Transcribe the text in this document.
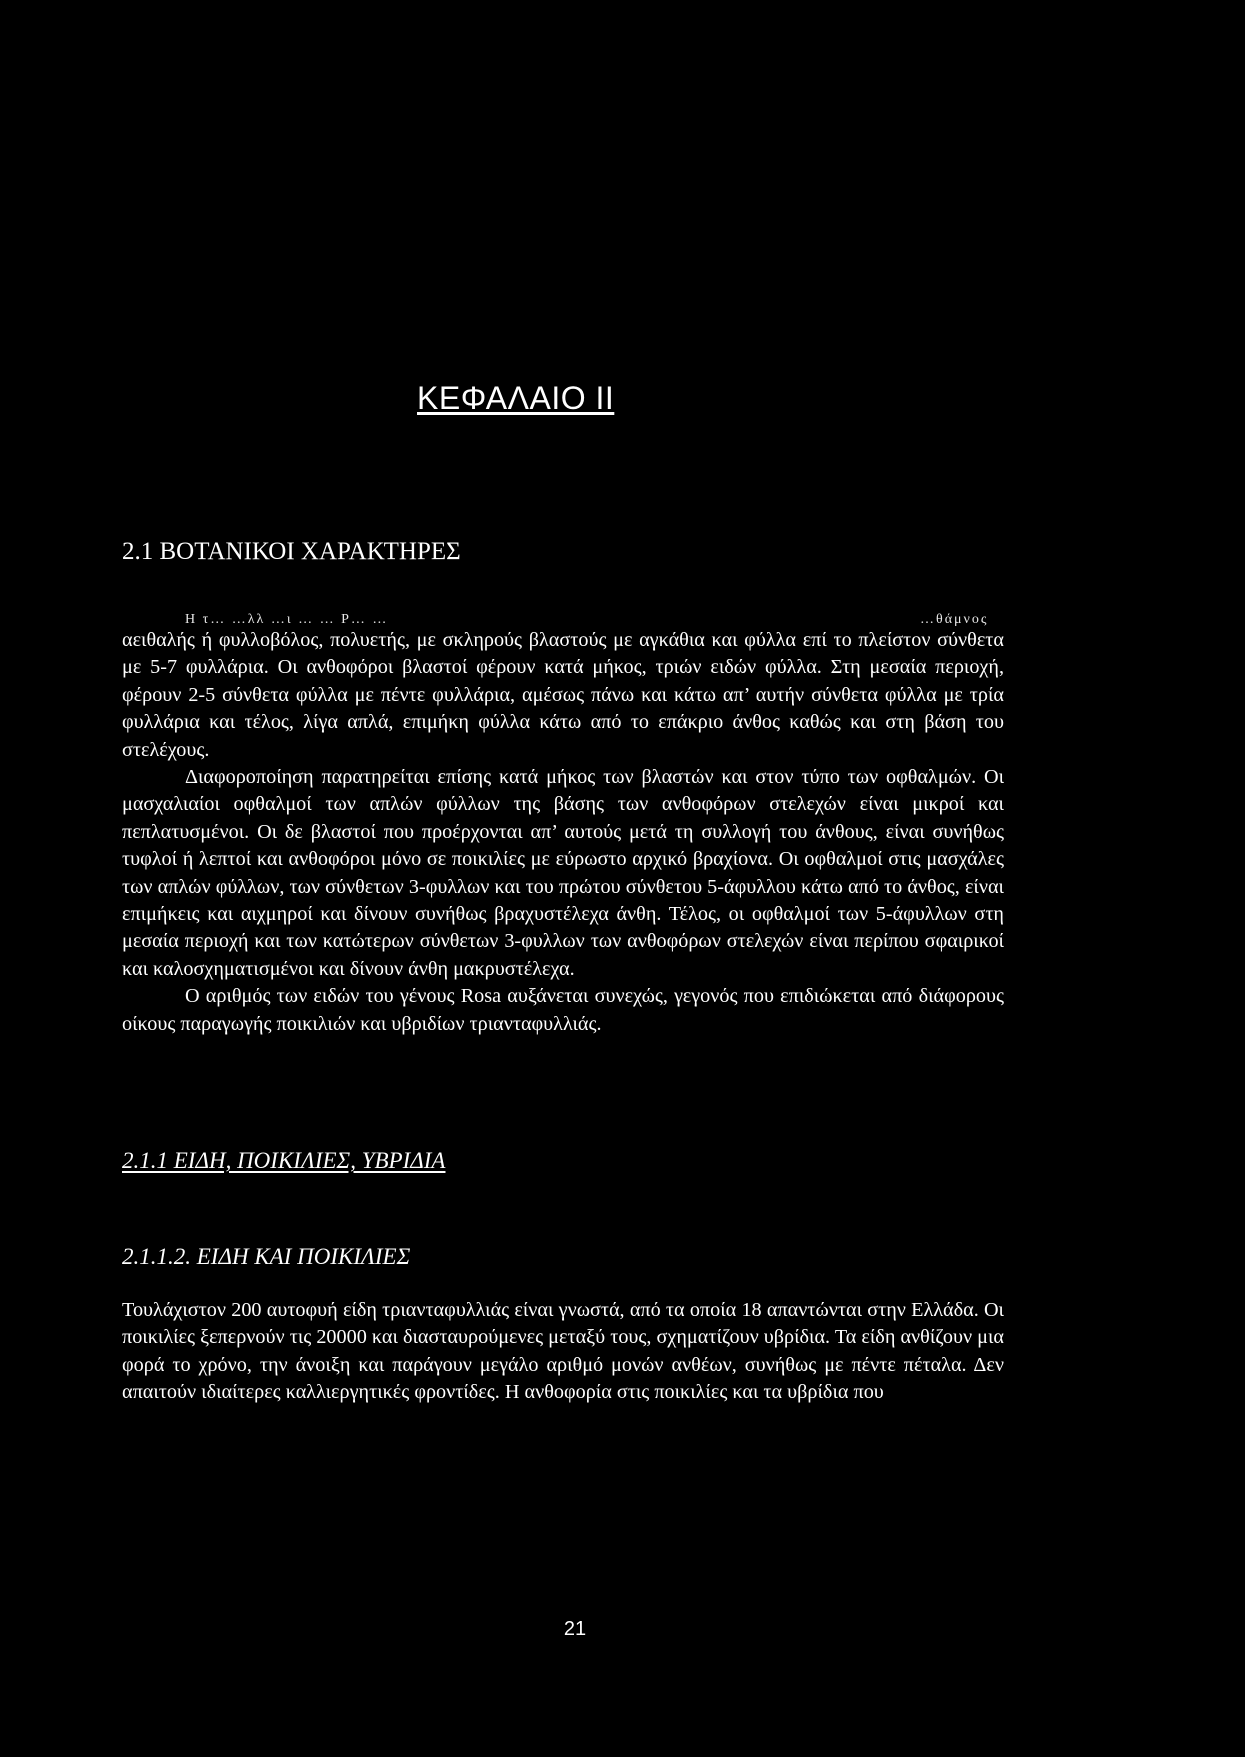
ΚΕΦΑΛΑΙΟ II
2.1 ΒΟΤΑΝΙΚΟΙ ΧΑΡΑΚΤΗΡΕΣ
Η τ… …λλ …ι … … Ρ… …	…θάμνος

αειθαλής ή φυλλοβόλος, πολυετής, με σκληρούς βλαστούς με αγκάθια και φύλλα επί το πλείστον σύνθετα με 5-7 φυλλάρια. Οι ανθοφόροι βλαστοί φέρουν κατά μήκος, τριών ειδών φύλλα. Στη μεσαία περιοχή, φέρουν 2-5 σύνθετα φύλλα με πέντε φυλλάρια, αμέσως πάνω και κάτω απ’ αυτήν σύνθετα φύλλα με τρία φυλλάρια και τέλος, λίγα απλά, επιμήκη φύλλα κάτω από το επάκριο άνθος καθώς και στη βάση του στελέχους.

Διαφοροποίηση παρατηρείται επίσης κατά μήκος των βλαστών και στον τύπο των οφθαλμών. Οι μασχαλιαίοι οφθαλμοί των απλών φύλλων της βάσης των ανθοφόρων στελεχών είναι μικροί και πεπλατυσμένοι. Οι δε βλαστοί που προέρχονται απ’ αυτούς μετά τη συλλογή του άνθους, είναι συνήθως τυφλοί ή λεπτοί και ανθοφόροι μόνο σε ποικιλίες με εύρωστο αρχικό βραχίονα. Οι οφθαλμοί στις μασχάλες των απλών φύλλων, των σύνθετων 3-φυλλων και του πρώτου σύνθετου 5-άφυλλου κάτω από το άνθος, είναι επιμήκεις και αιχμηροί και δίνουν συνήθως βραχυστέλεχα άνθη. Τέλος, οι οφθαλμοί των 5-άφυλλων στη μεσαία περιοχή και των κατώτερων σύνθετων 3-φυλλων των ανθοφόρων στελεχών είναι περίπου σφαιρικοί και καλοσχηματισμένοι και δίνουν άνθη μακρυστέλεχα.

Ο αριθμός των ειδών του γένους Rosa αυξάνεται συνεχώς, γεγονός που επιδιώκεται από διάφορους οίκους παραγωγής ποικιλιών και υβριδίων τριανταφυλλιάς.

2.1.1 ΕΙΔΗ, ΠΟΙΚΙΛΙΕΣ, ΥΒΡΙΔΙΑ
2.1.1.2. ΕΙΔΗ ΚΑΙ ΠΟΙΚΙΛΙΕΣ

Τουλάχιστον 200 αυτοφυή είδη τριανταφυλλιάς είναι γνωστά, από τα οποία 18 απαντώνται στην Ελλάδα. Οι ποικιλίες ξεπερνούν τις 20000 και διασταυρούμενες μεταξύ τους, σχηματίζουν υβρίδια. Τα είδη ανθίζουν μια φορά το χρόνο, την άνοιξη και παράγουν μεγάλο αριθμό μονών ανθέων, συνήθως με πέντε πέταλα. Δεν απαιτούν ιδιαίτερες καλλιεργητικές φροντίδες. Η ανθοφορία στις ποικιλίες και τα υβρίδια που

21
